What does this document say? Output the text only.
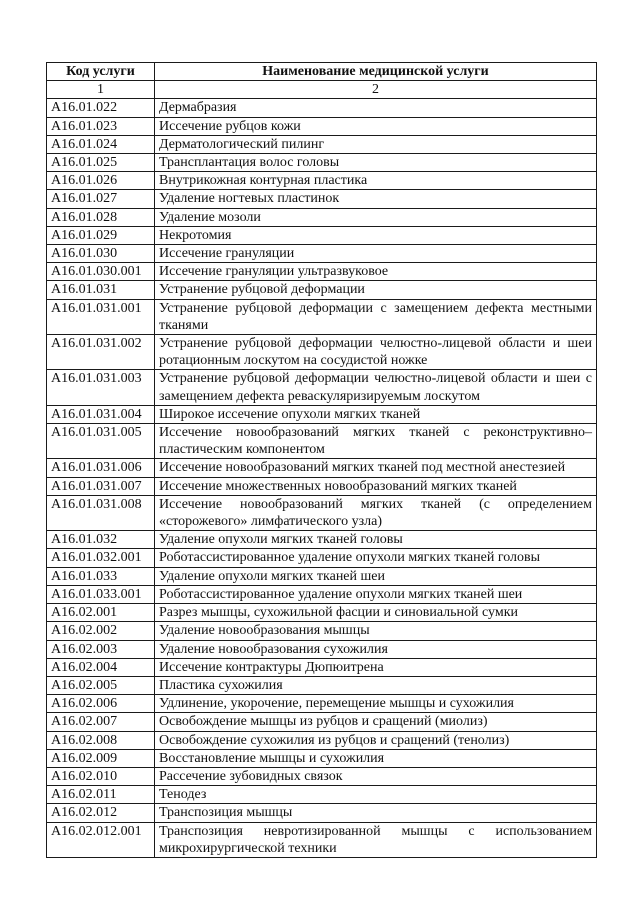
Код услуги	Наименование медицинской услуги
1	2
A16.01.022	Дермабразия
A16.01.023	Иссечение рубцов кожи
A16.01.024	Дерматологический пилинг
A16.01.025	Трансплантация волос головы
A16.01.026	Внутрикожная контурная пластика
A16.01.027	Удаление ногтевых пластинок
A16.01.028	Удаление мозоли
A16.01.029	Некротомия
A16.01.030	Иссечение грануляции
A16.01.030.001	Иссечение грануляции ультразвуковое
A16.01.031	Устранение рубцовой деформации
A16.01.031.001	Устранение рубцовой деформации с замещением дефекта местными тканями
A16.01.031.002	Устранение рубцовой деформации челюстно-лицевой области и шеи ротационным лоскутом на сосудистой ножке
A16.01.031.003	Устранение рубцовой деформации челюстно-лицевой области и шеи с замещением дефекта реваскуляризируемым лоскутом
A16.01.031.004	Широкое иссечение опухоли мягких тканей
A16.01.031.005	Иссечение новообразований мягких тканей с реконструктивно–пластическим компонентом
A16.01.031.006	Иссечение новообразований мягких тканей под местной анестезией
A16.01.031.007	Иссечение множественных новообразований мягких тканей
A16.01.031.008	Иссечение новообразований мягких тканей (с определением «сторожевого» лимфатического узла)
A16.01.032	Удаление опухоли мягких тканей головы
A16.01.032.001	Роботассистированное удаление опухоли мягких тканей головы
A16.01.033	Удаление опухоли мягких тканей шеи
A16.01.033.001	Роботассистированное удаление опухоли мягких тканей шеи
A16.02.001	Разрез мышцы, сухожильной фасции и синовиальной сумки
A16.02.002	Удаление новообразования мышцы
A16.02.003	Удаление новообразования сухожилия
A16.02.004	Иссечение контрактуры Дюпюитрена
A16.02.005	Пластика сухожилия
A16.02.006	Удлинение, укорочение, перемещение мышцы и сухожилия
A16.02.007	Освобождение мышцы из рубцов и сращений (миолиз)
A16.02.008	Освобождение сухожилия из рубцов и сращений (тенолиз)
A16.02.009	Восстановление мышцы и сухожилия
A16.02.010	Рассечение зубовидных связок
A16.02.011	Тенодез
A16.02.012	Транспозиция мышцы
A16.02.012.001	Транспозиция невротизированной мышцы с использованием микрохирургической техники
